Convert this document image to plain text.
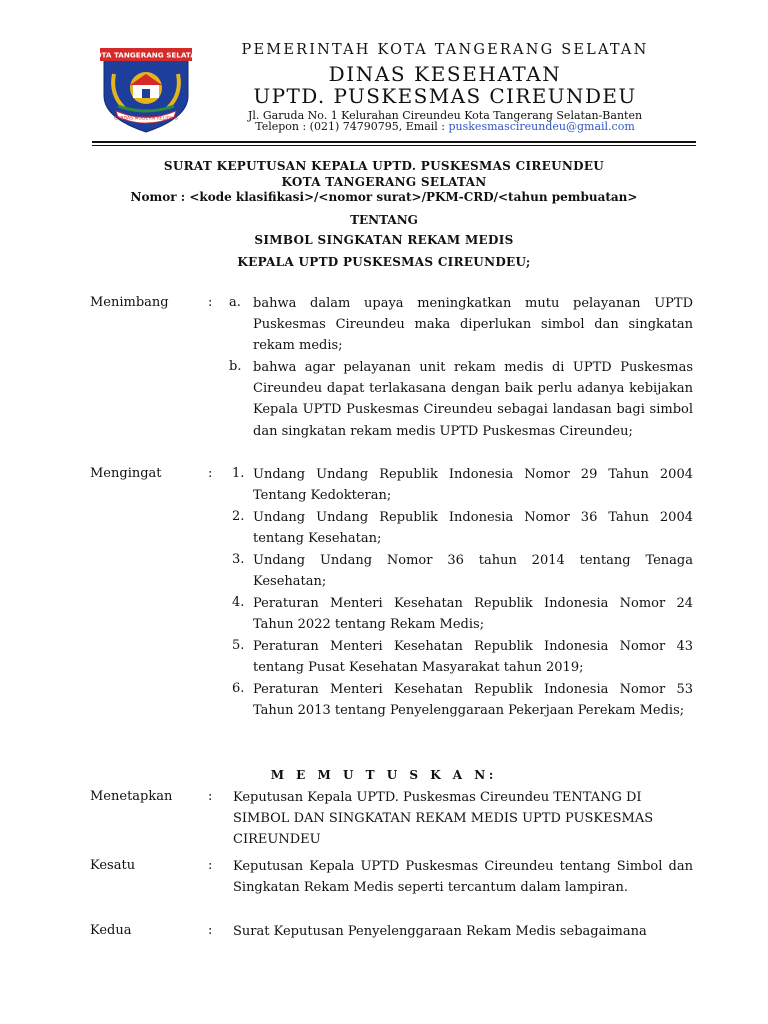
KOTA TANGERANG SELATAN
CERDAS MODERN RELIGIUS
PEMERINTAH KOTA TANGERANG SELATAN
DINAS KESEHATAN
UPTD. PUSKESMAS CIREUNDEU
Jl. Garuda No. 1 Kelurahan Cireundeu Kota Tangerang Selatan-Banten
Telepon : (021) 74790795, Email : puskesmascireundeu@gmail.com
SURAT KEPUTUSAN KEPALA UPTD. PUSKESMAS CIREUNDEU
KOTA TANGERANG SELATAN
Nomor : <kode klasifikasi>/<nomor surat>/PKM-CRD/<tahun pembuatan>
TENTANG
SIMBOL SINGKATAN REKAM MEDIS
KEPALA UPTD PUSKESMAS CIREUNDEU;
Menimbang	: a. bahwa dalam upaya meningkatkan mutu pelayanan UPTD Puskesmas Cireundeu maka diperlukan simbol dan singkatan rekam medis;

b. bahwa agar pelayanan unit rekam medis di UPTD Puskesmas Cireundeu dapat terlakasana dengan baik perlu adanya kebijakan Kepala UPTD Puskesmas Cireundeu sebagai landasan bagi simbol dan singkatan rekam medis UPTD Puskesmas Cireundeu;

Mengingat	: 1. Undang Undang Republik Indonesia Nomor 29 Tahun 2004 Tentang Kedokteran;

2. Undang Undang Republik Indonesia Nomor 36 Tahun 2004 tentang Kesehatan;

3. Undang Undang Nomor 36 tahun 2014 tentang Tenaga Kesehatan;

4. Peraturan Menteri Kesehatan Republik Indonesia Nomor 24 Tahun 2022 tentang Rekam Medis;

5. Peraturan Menteri Kesehatan Republik Indonesia Nomor 43 tentang Pusat Kesehatan Masyarakat tahun 2019;

6. Peraturan Menteri Kesehatan Republik Indonesia Nomor 53 Tahun 2013 tentang Penyelenggaraan Pekerjaan Perekam Medis;

M E M U T U S K A N:
Menetapkan	: Keputusan Kepala UPTD. Puskesmas Cireundeu TENTANG DI SIMBOL DAN SINGKATAN REKAM MEDIS UPTD PUSKESMAS CIREUNDEU

Kesatu	: Keputusan Kepala UPTD Puskesmas Cireundeu tentang Simbol dan Singkatan Rekam Medis seperti tercantum dalam lampiran.

Kedua	: Surat Keputusan Penyelenggaraan Rekam Medis sebagaimana
